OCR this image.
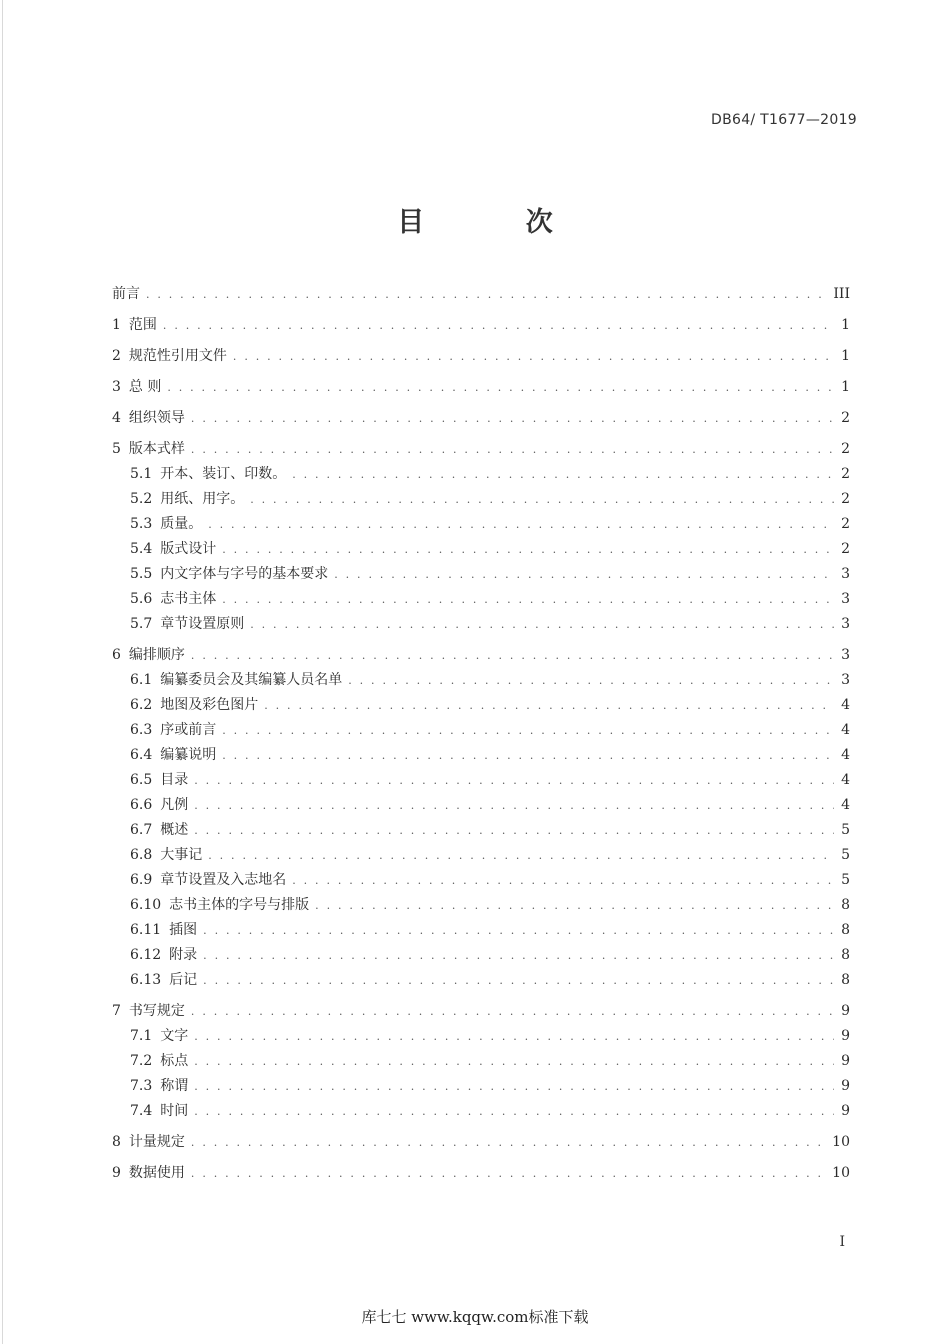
DB64/ T1677—2019
目 次
前言 . . .	III
1 范围 . . .	1
2 规范性引用文件 . . .	1
3 总 则 . . .	1
4 组织领导 . . .	2
5 版本式样 . . .	2
5.1 开本、装订、印数。 . . .	2
5.2 用纸、用字。 . . .	2
5.3 质量。 . . .	2
5.4 版式设计 . . .	2
5.5 内文字体与字号的基本要求 . . .	3
5.6 志书主体 . . .	3
5.7 章节设置原则 . . .	3
6 编排顺序 . . .	3
6.1 编纂委员会及其编纂人员名单 . . .	3
6.2 地图及彩色图片 . . .	4
6.3 序或前言 . . .	4
6.4 编纂说明 . . .	4
6.5 目录 . . .	4
6.6 凡例 . . .	4
6.7 概述 . . .	5
6.8 大事记 . . .	5
6.9 章节设置及入志地名 . . .	5
6.10 志书主体的字号与排版 . . .	8
6.11 插图 . . .	8
6.12 附录 . . .	8
6.13 后记 . . .	8
7 书写规定 . . .	9
7.1 文字 . . .	9
7.2 标点 . . .	9
7.3 称谓 . . .	9
7.4 时间 . . .	9
8 计量规定 . . .	10
9 数据使用 . . .	10
I
库七七 www.kqqw.com标准下载
